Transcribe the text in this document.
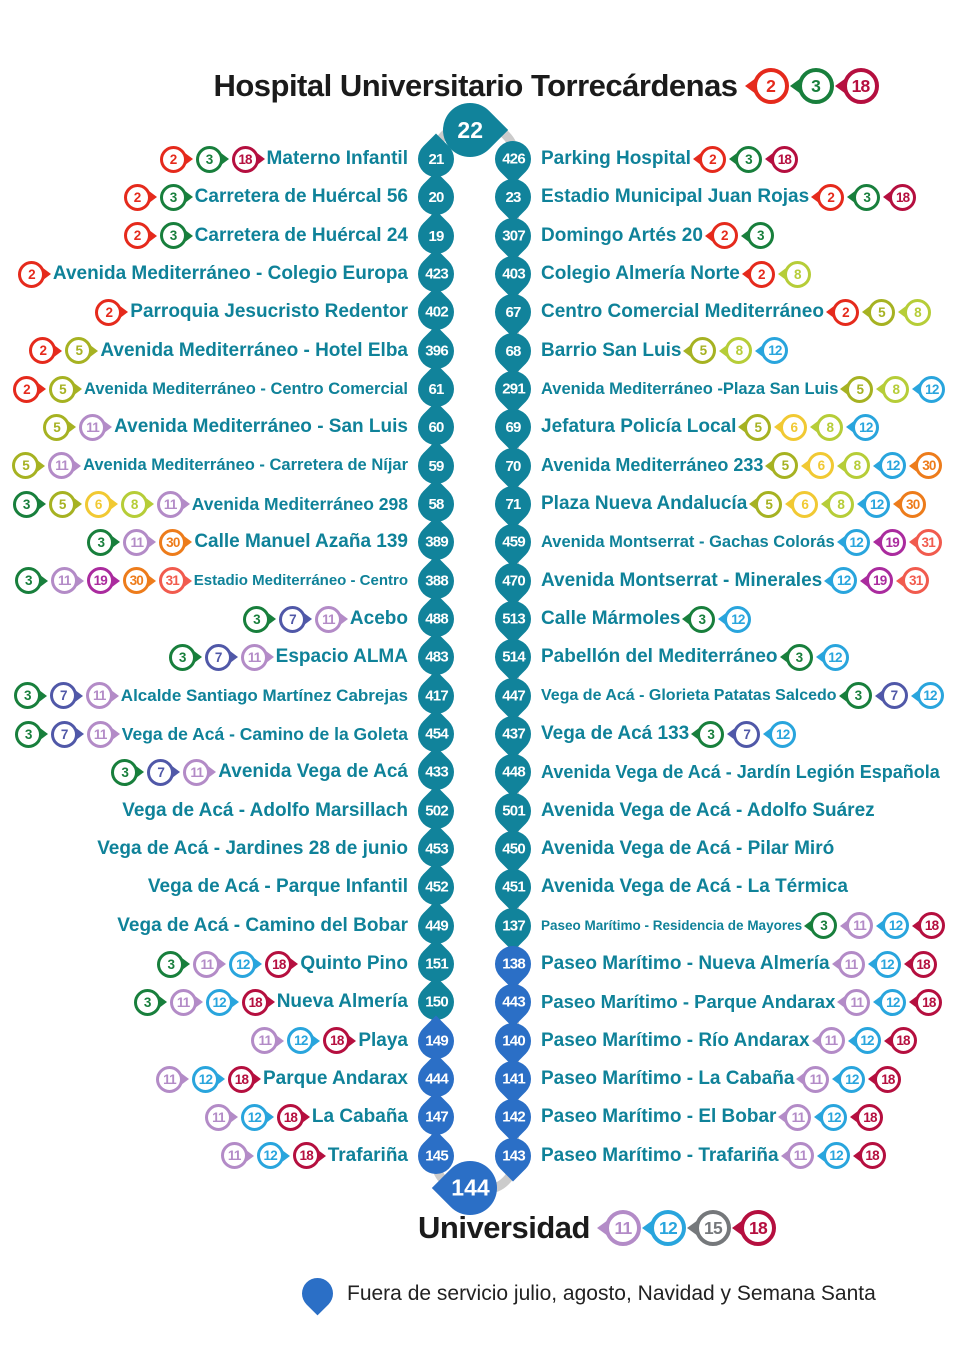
Hospital Universitario Torrecárdenas 2 3 18
22
144
2 3 18 Materno Infantil 21
2 3 Carretera de Huércal 56 20
2 3 Carretera de Huércal 24 19
2 Avenida Mediterráneo - Colegio Europa 423
2 Parroquia Jesucristo Redentor 402
2 5 Avenida Mediterráneo - Hotel Elba 396
2 5 Avenida Mediterráneo - Centro Comercial 61
5 11 Avenida Mediterráneo - San Luis 60
5 11 Avenida Mediterráneo - Carretera de Níjar 59
3 5 6 8 11 Avenida Mediterráneo 298 58
3 11 30 Calle Manuel Azaña 139 389
3 11 19 30 31 Estadio Mediterráneo - Centro 388
3 7 11 Acebo 488
3 7 11 Espacio ALMA 483
3 7 11 Alcalde Santiago Martínez Cabrejas 417
3 7 11 Vega de Acá - Camino de la Goleta 454
3 7 11 Avenida Vega de Acá 433
Vega de Acá - Adolfo Marsillach 502
Vega de Acá - Jardines 28 de junio 453
Vega de Acá - Parque Infantil 452
Vega de Acá - Camino del Bobar 449
3 11 12 18 Quinto Pino 151
3 11 12 18 Nueva Almería 150
11 12 18 Playa 149
11 12 18 Parque Andarax 444
11 12 18 La Cabaña 147
11 12 18 Trafariña 145
426 Parking Hospital 2 3 18
23 Estadio Municipal Juan Rojas 2 3 18
307 Domingo Artés 20 2 3
403 Colegio Almería Norte 2 8
67 Centro Comercial Mediterráneo 2 5 8
68 Barrio San Luis 5 8 12
291 Avenida Mediterráneo -Plaza San Luis 5 8 12
69 Jefatura Policía Local 5 6 8 12
70 Avenida Mediterráneo 233 5 6 8 12 30
71 Plaza Nueva Andalucía 5 6 8 12 30
459 Avenida Montserrat - Gachas Colorás 12 19 31
470 Avenida Montserrat - Minerales 12 19 31
513 Calle Mármoles 3 12
514 Pabellón del Mediterráneo 3 12
447 Vega de Acá - Glorieta Patatas Salcedo 3 7 12
437 Vega de Acá 133 3 7 12
448 Avenida Vega de Acá - Jardín Legión Española
501 Avenida Vega de Acá - Adolfo Suárez
450 Avenida Vega de Acá - Pilar Miró
451 Avenida Vega de Acá - La Térmica
137 Paseo Marítimo - Residencia de Mayores 3 11 12 18
138 Paseo Marítimo - Nueva Almería 11 12 18
443 Paseo Marítimo - Parque Andarax 11 12 18
140 Paseo Marítimo - Río Andarax 11 12 18
141 Paseo Marítimo - La Cabaña 11 12 18
142 Paseo Marítimo - El Bobar 11 12 18
143 Paseo Marítimo - Trafariña 11 12 18
Universidad 11 12 15 18
Fuera de servicio julio, agosto, Navidad y Semana Santa
